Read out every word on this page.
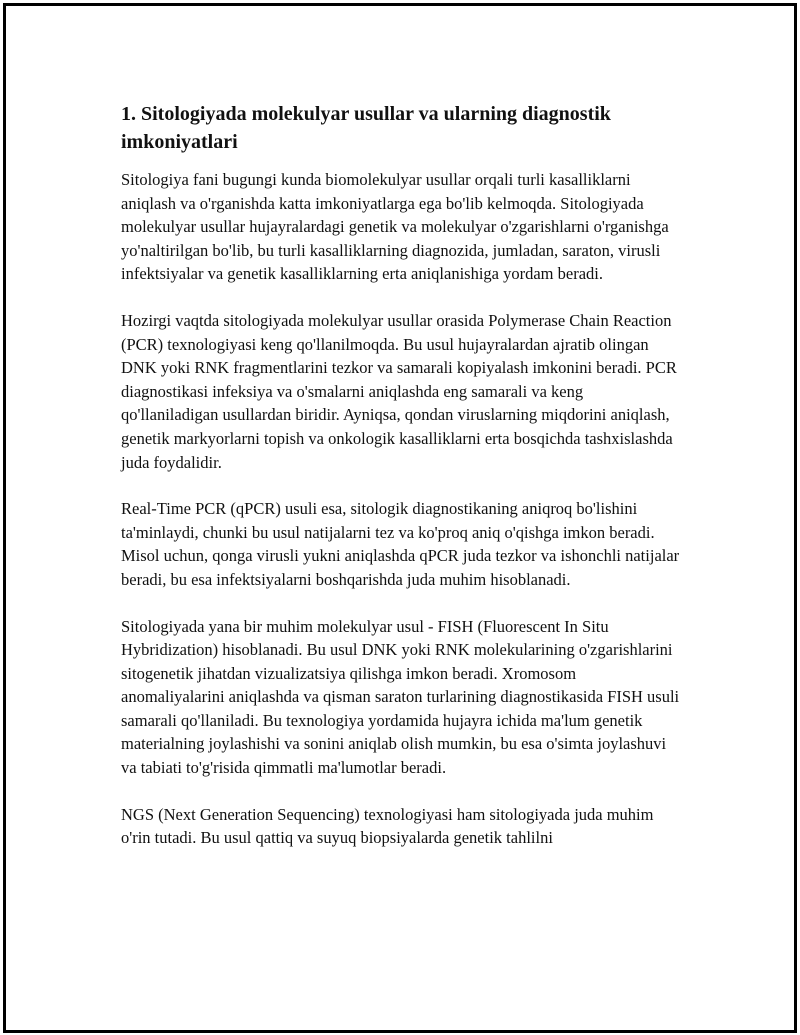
1. Sitologiyada molekulyar usullar va ularning diagnostik imkoniyatlari

Sitologiya fani bugungi kunda biomolekulyar usullar orqali turli kasalliklarni aniqlash va o'rganishda katta imkoniyatlarga ega bo'lib kelmoqda. Sitologiyada molekulyar usullar hujayralardagi genetik va molekulyar o'zgarishlarni o'rganishga yo'naltirilgan bo'lib, bu turli kasalliklarning diagnozida, jumladan, saraton, virusli infektsiyalar va genetik kasalliklarning erta aniqlanishiga yordam beradi.

Hozirgi vaqtda sitologiyada molekulyar usullar orasida Polymerase Chain Reaction (PCR) texnologiyasi keng qo'llanilmoqda. Bu usul hujayralardan ajratib olingan DNK yoki RNK fragmentlarini tezkor va samarali kopiyalash imkonini beradi. PCR diagnostikasi infeksiya va o'smalarni aniqlashda eng samarali va keng qo'llaniladigan usullardan biridir. Ayniqsa, qondan viruslarning miqdorini aniqlash, genetik markyorlarni topish va onkologik kasalliklarni erta bosqichda tashxislashda juda foydalidir.

Real-Time PCR (qPCR) usuli esa, sitologik diagnostikaning aniqroq bo'lishini ta'minlaydi, chunki bu usul natijalarni tez va ko'proq aniq o'qishga imkon beradi. Misol uchun, qonga virusli yukni aniqlashda qPCR juda tezkor va ishonchli natijalar beradi, bu esa infektsiyalarni boshqarishda juda muhim hisoblanadi.

Sitologiyada yana bir muhim molekulyar usul - FISH (Fluorescent In Situ Hybridization) hisoblanadi. Bu usul DNK yoki RNK molekularining o'zgarishlarini sitogenetik jihatdan vizualizatsiya qilishga imkon beradi. Xromosom anomaliyalarini aniqlashda va qisman saraton turlarining diagnostikasida FISH usuli samarali qo'llaniladi. Bu texnologiya yordamida hujayra ichida ma'lum genetik materialning joylashishi va sonini aniqlab olish mumkin, bu esa o'simta joylashuvi va tabiati to'g'risida qimmatli ma'lumotlar beradi.

NGS (Next Generation Sequencing) texnologiyasi ham sitologiyada juda muhim o'rin tutadi. Bu usul qattiq va suyuq biopsiyalarda genetik tahlilni
